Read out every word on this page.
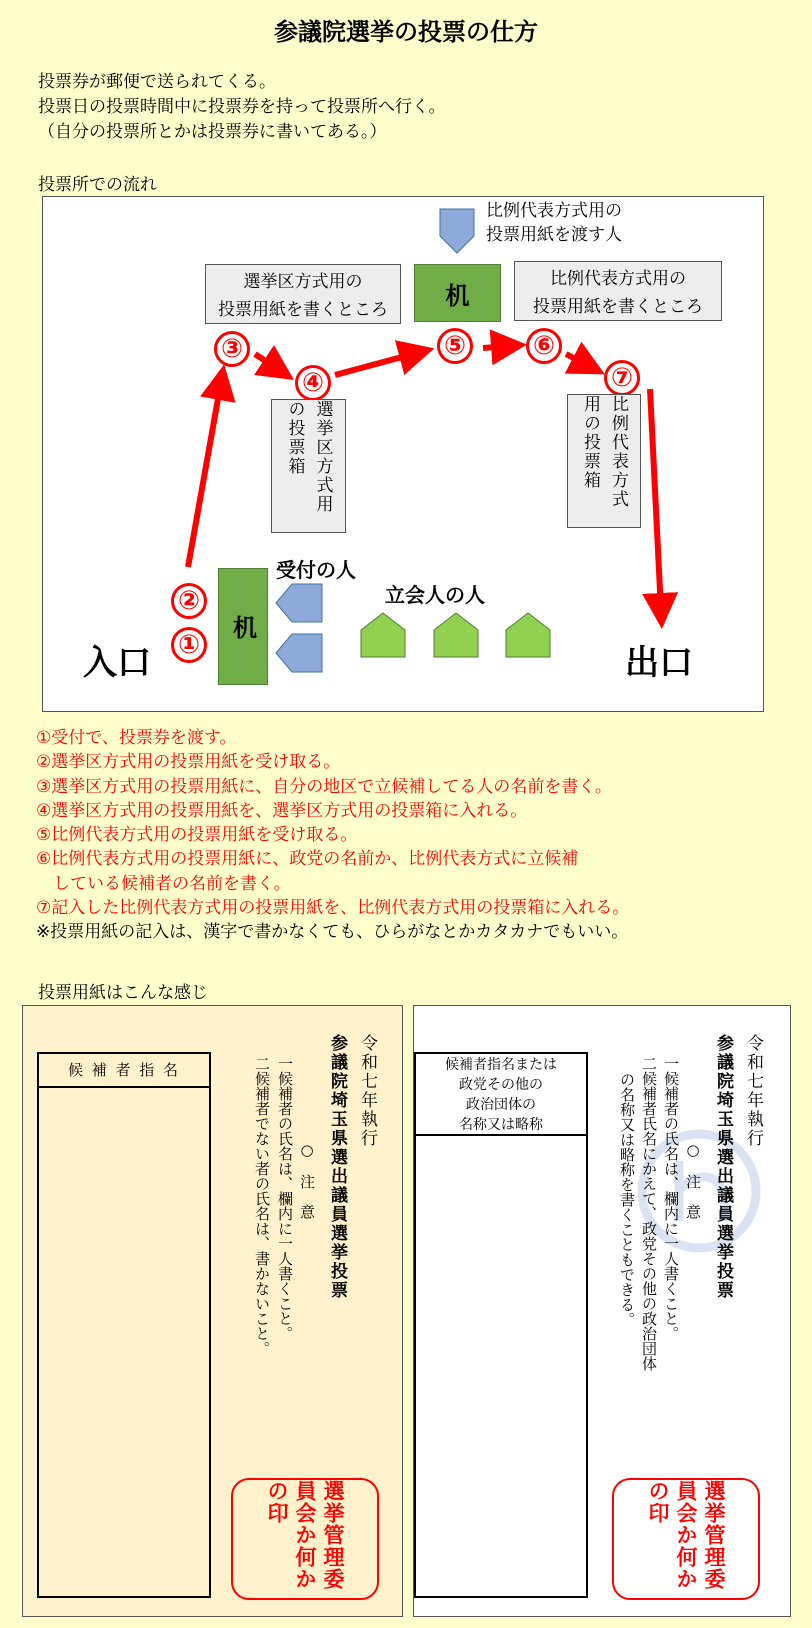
参議院選挙の投票の仕方
投票券が郵便で送られてくる。
投票日の投票時間中に投票券を持って投票所へ行く。
（自分の投票所とかは投票券に書いてある。）
投票所での流れ
比例代表方式用の
投票用紙を渡す人
選挙区方式用の
投票用紙を書くところ
机
比例代表方式用の
投票用紙を書くところ
③
④
⑤	⑥
⑦
選挙区方式用の投票箱	比例代表方式用の投票箱
②
①
机
受付の人
立会人の人
入口	出口
①受付で、投票券を渡す。
②選挙区方式用の投票用紙を受け取る。
③選挙区方式用の投票用紙に、自分の地区で立候補してる人の名前を書く。
④選挙区方式用の投票用紙を、選挙区方式用の投票箱に入れる。
⑤比例代表方式用の投票用紙を受け取る。
⑥比例代表方式用の投票用紙に、政党の名前か、比例代表方式に立候補
　している候補者の名前を書く。
⑦記入した比例代表方式用の投票用紙を、比例代表方式用の投票箱に入れる。
※投票用紙の記入は、漢字で書かなくても、ひらがなとかカタカナでもいい。
投票用紙はこんな感じ
令和七年執行
参議院埼玉県選出議員選挙投票
○　注　意
一候補者の氏名は、欄内に一人書くこと。
二候補者でない者の氏名は、書かないこと。
候 補 者 指 名
選挙管理委員会か何かの印
令和七年執行
参議院埼玉県選出議員選挙投票
○　注　意
一候補者の氏名は、欄内に一人書くこと。
二候補者氏名にかえて、政党その他の政治団体
の名称又は略称を書くこともできる。
候補者指名または
政党その他の
政治団体の
名称又は略称
選挙管理委員会か何かの印
